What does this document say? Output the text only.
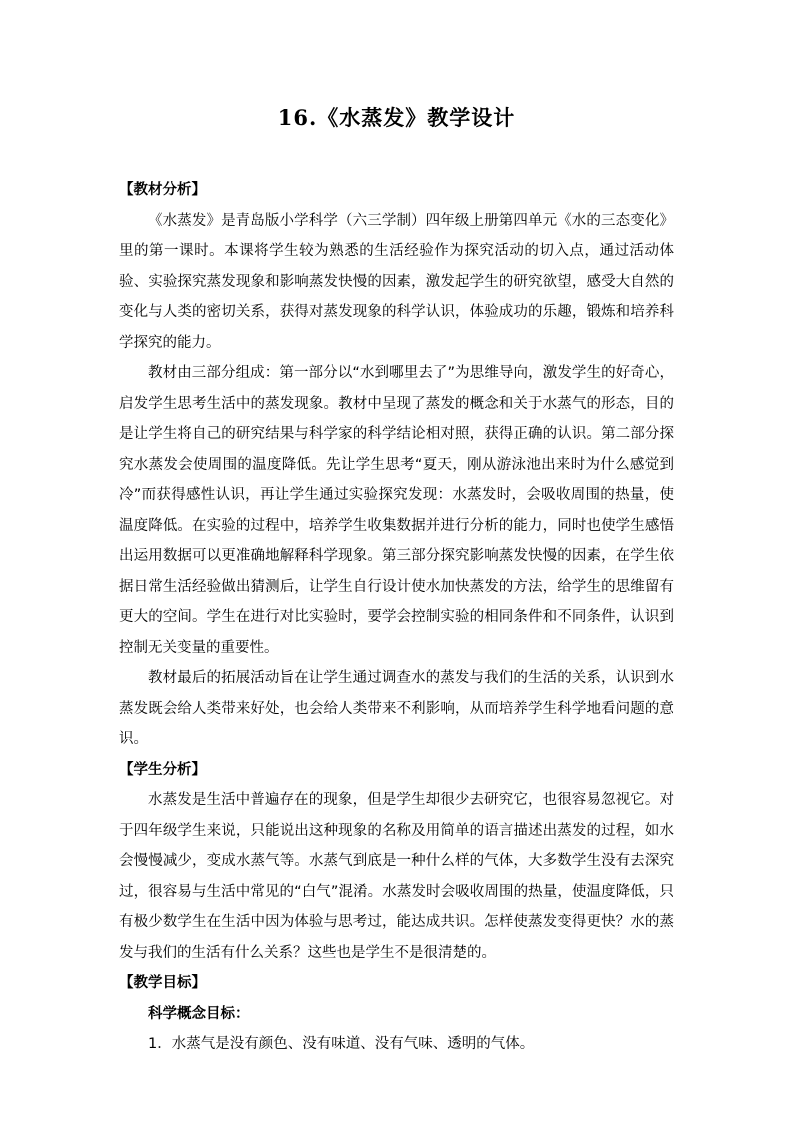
16.《水蒸发》教学设计

【教材分析】

《水蒸发》是青岛版小学科学（六三学制）四年级上册第四单元《水的三态变化》里的第一课时。本课将学生较为熟悉的生活经验作为探究活动的切入点，通过活动体验、实验探究蒸发现象和影响蒸发快慢的因素，激发起学生的研究欲望，感受大自然的变化与人类的密切关系，获得对蒸发现象的科学认识，体验成功的乐趣，锻炼和培养科学探究的能力。

教材由三部分组成：第一部分以“水到哪里去了”为思维导向，激发学生的好奇心，启发学生思考生活中的蒸发现象。教材中呈现了蒸发的概念和关于水蒸气的形态，目的是让学生将自己的研究结果与科学家的科学结论相对照，获得正确的认识。第二部分探究水蒸发会使周围的温度降低。先让学生思考“夏天，刚从游泳池出来时为什么感觉到冷”而获得感性认识，再让学生通过实验探究发现：水蒸发时，会吸收周围的热量，使温度降低。在实验的过程中，培养学生收集数据并进行分析的能力，同时也使学生感悟出运用数据可以更准确地解释科学现象。第三部分探究影响蒸发快慢的因素，在学生依据日常生活经验做出猜测后，让学生自行设计使水加快蒸发的方法，给学生的思维留有更大的空间。学生在进行对比实验时，要学会控制实验的相同条件和不同条件，认识到控制无关变量的重要性。

教材最后的拓展活动旨在让学生通过调查水的蒸发与我们的生活的关系，认识到水蒸发既会给人类带来好处，也会给人类带来不利影响，从而培养学生科学地看问题的意识。

【学生分析】

水蒸发是生活中普遍存在的现象，但是学生却很少去研究它，也很容易忽视它。对于四年级学生来说，只能说出这种现象的名称及用简单的语言描述出蒸发的过程，如水会慢慢减少，变成水蒸气等。水蒸气到底是一种什么样的气体，大多数学生没有去深究过，很容易与生活中常见的“白气”混淆。水蒸发时会吸收周围的热量，使温度降低，只有极少数学生在生活中因为体验与思考过，能达成共识。怎样使蒸发变得更快？水的蒸发与我们的生活有什么关系？这些也是学生不是很清楚的。

【教学目标】

科学概念目标：

1．水蒸气是没有颜色、没有味道、没有气味、透明的气体。
